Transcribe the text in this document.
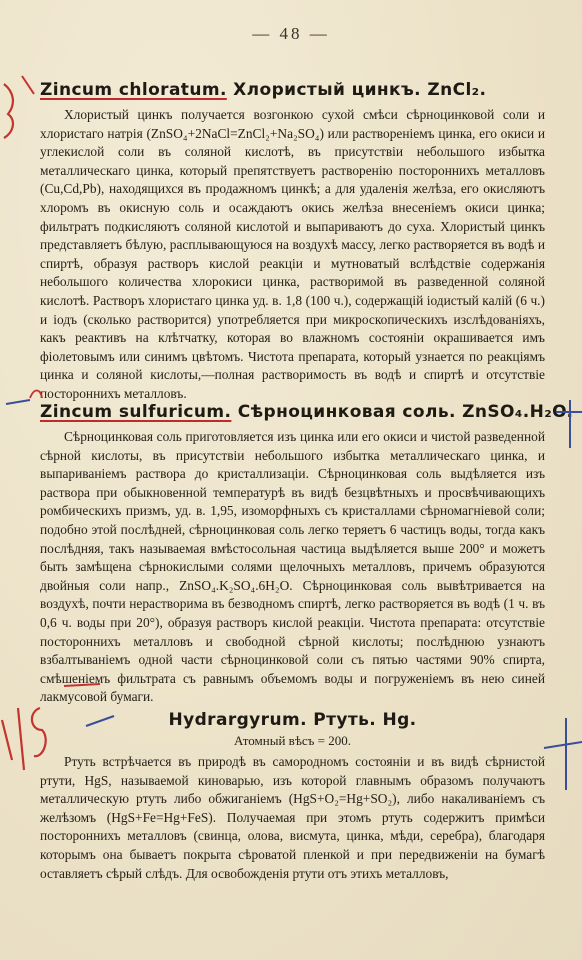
— 48 —
Zincum chloratum. Хлористый цинкъ. ZnCl₂.
Хлористый цинкъ получается возгонкою сухой смѣси сѣрноцинковой соли и хлористаго натрія (ZnSO₄+2NaCl=ZnCl₂+Na₂SO₄) или раствореніемъ цинка, его окиси и углекислой соли въ соляной кислотѣ, въ присутствіи небольшого избытка металлическаго цинка, который препятствуетъ растворенію постороннихъ металловъ (Cu,Cd,Pb), находящихся въ продажномъ цинкѣ; а для удаленія желѣза, его окисляютъ хлоромъ въ окисную соль и осаждаютъ окись желѣза внесеніемъ окиси цинка; фильтратъ подкисляютъ соляной кислотой и выпариваютъ до суха. Хлористый цинкъ представляетъ бѣлую, расплывающуюся на воздухѣ массу, легко растворяется въ водѣ и спиртѣ, образуя растворъ кислой реакціи и мутноватый вслѣдствіе содержанія небольшого количества хлорокиси цинка, растворимой въ разведенной соляной кислотѣ. Растворъ хлористаго цинка уд. в. 1,8 (100 ч.), содержащій іодистый калій (6 ч.) и іодъ (сколько растворится) употребляется при микроскопическихъ изслѣдованіяхъ, какъ реактивъ на клѣтчатку, которая во влажномъ состояніи окрашивается имъ фіолетовымъ или синимъ цвѣтомъ. Чистота препарата, который узнается по реакціямъ цинка и соляной кислоты,—полная растворимость въ водѣ и спиртѣ и отсутствіе постороннихъ металловъ.
Zincum sulfuricum. Сѣрноцинковая соль. ZnSO₄.H₂O.
Сѣрноцинковая соль приготовляется изъ цинка или его окиси и чистой разведенной сѣрной кислоты, въ присутствіи небольшого избытка металлическаго цинка, и выпариваніемъ раствора до кристаллизаціи. Сѣрноцинковая соль выдѣляется изъ раствора при обыкновенной температурѣ въ видѣ безцвѣтныхъ и просвѣчивающихъ ромбическихъ призмъ, уд. в. 1,95, изоморфныхъ съ кристаллами сѣрномагніевой соли; подобно этой послѣдней, сѣрноцинковая соль легко теряетъ 6 частицъ воды, тогда какъ послѣдняя, такъ называемая вмѣстосольная частица выдѣляется выше 200° и можетъ быть замѣщена сѣрнокислыми солями щелочныхъ металловъ, причемъ образуются двойныя соли напр., ZnSO₄.K₂SO₄.6H₂O. Сѣрноцинковая соль вывѣтривается на воздухѣ, почти нерастворима въ безводномъ спиртѣ, легко растворяется въ водѣ (1 ч. въ 0,6 ч. воды при 20°), образуя растворъ кислой реакціи. Чистота препарата: отсутствіе постороннихъ металловъ и свободной сѣрной кислоты; послѣднюю узнаютъ взбалтываніемъ одной части сѣрноцинковой соли съ пятью частями 90% спирта, смѣшеніемъ фильтрата съ равнымъ объемомъ воды и погруженіемъ въ нею синей лакмусовой бумаги.
Hydrargyrum. Ртуть. Hg.
Атомный вѣсъ = 200.
Ртуть встрѣчается въ природѣ въ самородномъ состояніи и въ видѣ сѣрнистой ртути, HgS, называемой киноварью, изъ которой главнымъ образомъ получаютъ металлическую ртуть либо обжиганіемъ (HgS+O₂=Hg+SO₂), либо накаливаніемъ съ желѣзомъ (HgS+Fe=Hg+FeS). Получаемая при этомъ ртуть содержитъ примѣси постороннихъ металловъ (свинца, олова, висмута, цинка, мѣди, серебра), благодаря которымъ она бываетъ покрыта сѣроватой пленкой и при передвиженіи на бумагѣ оставляетъ сѣрый слѣдъ. Для освобожденія ртути отъ этихъ металловъ,
